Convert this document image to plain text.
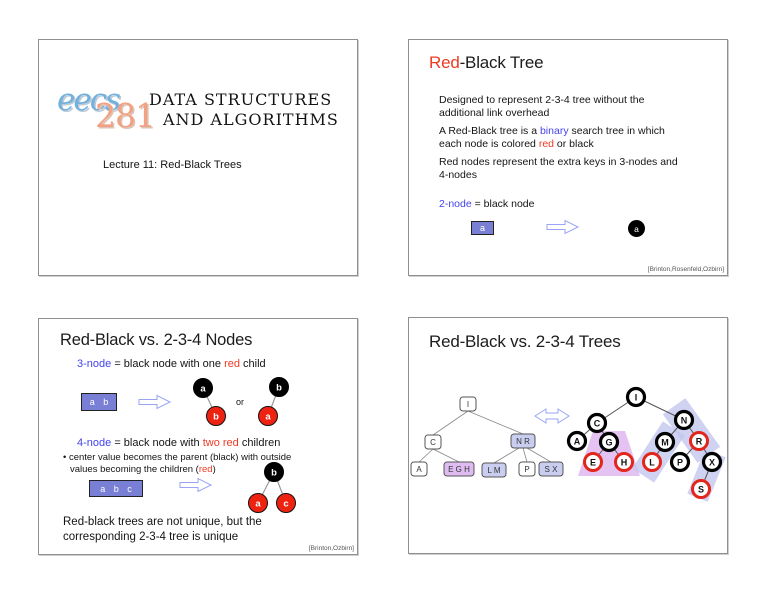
eecs
281
DATA STRUCTURES
AND ALGORITHMS
Lecture 11: Red-Black Trees
Red-Black Tree
Designed to represent 2-3-4 tree without the additional link overhead
A Red-Black tree is a binary search tree in which each node is colored red or black
Red nodes represent the extra keys in 3-nodes and 4-nodes
2-node = black node
a	a
[Brinton,Rosenfeld,Ozbirn]
Red-Black vs. 2-3-4 Nodes
3-node = black node with one red child
a b
a
b
or
b
a
4-node = black node with two red children
• center value becomes the parent (black) with outside
values becoming the children (red)
a b c
b
a c
Red-black trees are not unique, but the corresponding 2-3-4 tree is unique
[Brinton,Ozbirn]
Red-Black vs. 2-3-4 Trees
I
C	N R
A	E G H L M	P S X
I
C	N
A	G
E	H
M	R
L P	X
S
